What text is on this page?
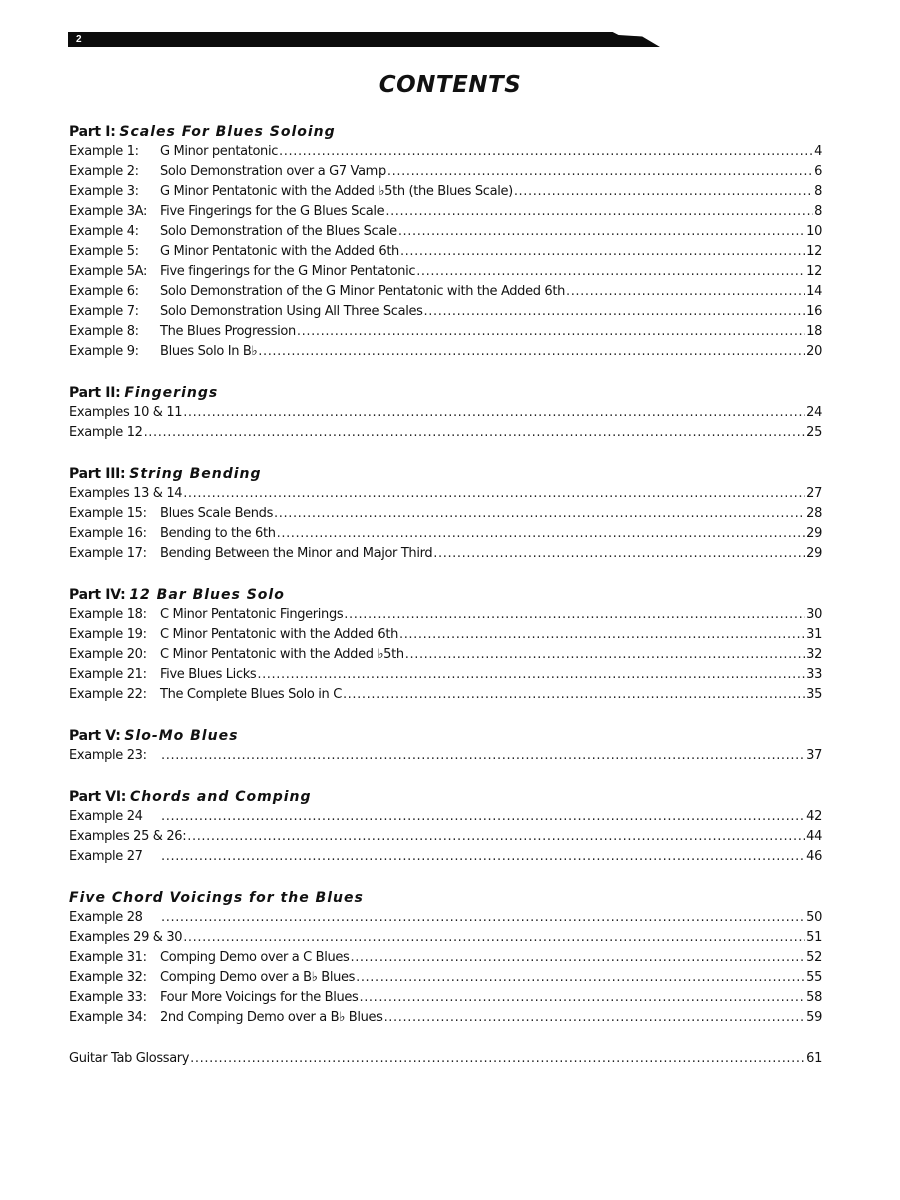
2
CONTENTS
Part I: Scales For Blues Soloing
Example 1:	G Minor pentatonic .....	4
Example 2:	Solo Demonstration over a G7 Vamp .....	6
Example 3:	G Minor Pentatonic with the Added ♭5th (the Blues Scale) .....	8
Example 3A:	Five Fingerings for the G Blues Scale .....	8
Example 4:	Solo Demonstration of the Blues Scale .....	10
Example 5:	G Minor Pentatonic with the Added 6th .....	12
Example 5A:	Five fingerings for the G Minor Pentatonic .....	12
Example 6:	Solo Demonstration of the G Minor Pentatonic with the Added 6th .....	14
Example 7:	Solo Demonstration Using All Three Scales .....	16
Example 8:	The Blues Progression .....	18
Example 9:	Blues Solo In B♭ .....	20
Part II: Fingerings
Examples 10 & 11 .....	24
Example 12 .....	25
Part III: String Bending
Examples 13 & 14 .....	27
Example 15:	Blues Scale Bends .....	28
Example 16:	Bending to the 6th .....	29
Example 17:	Bending Between the Minor and Major Third .....	29
Part IV: 12 Bar Blues Solo
Example 18:	C Minor Pentatonic Fingerings .....	30
Example 19:	C Minor Pentatonic with the Added 6th .....	31
Example 20:	C Minor Pentatonic with the Added ♭5th .....	32
Example 21:	Five Blues Licks .....	33
Example 22:	The Complete Blues Solo in C .....	35
Part V: Slo-Mo Blues
Example 23: .....	37
Part VI: Chords and Comping
Example 24 .....	42
Examples 25 & 26: .....	44
Example 27 .....	46
Five Chord Voicings for the Blues
Example 28 .....	50
Examples 29 & 30 .....	51
Example 31:	Comping Demo over a C Blues .....	52
Example 32:	Comping Demo over a B♭ Blues .....	55
Example 33:	Four More Voicings for the Blues .....	58
Example 34:	2nd Comping Demo over a B♭ Blues .....	59
Guitar Tab Glossary .....	61
